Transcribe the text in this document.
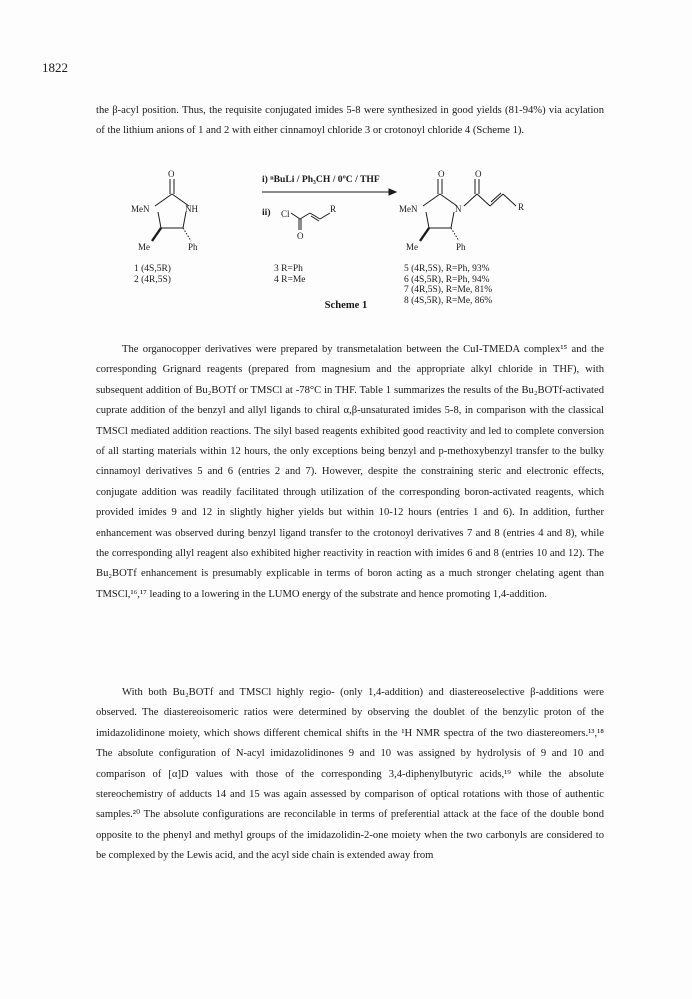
1822

the β-acyl position. Thus, the requisite conjugated imides 5-8 were synthesized in good yields (81-94%) via acylation of the lithium anions of 1 and 2 with either cinnamoyl chloride 3 or crotonoyl chloride 4 (Scheme 1).

O
MeN	NH
Me	Ph
Cl
O
R
ii)
O	O
MeN	N
Me	Ph
R
i) ⁿBuLi / Ph₃CH / 0ºC / THF
1 (4S,5R)
2 (4R,5S)
3 R=Ph
4 R=Me
5 (4R,5S), R=Ph, 93%
6 (4S,5R), R=Ph, 94%
7 (4R,5S), R=Me, 81%
8 (4S,5R), R=Me, 86%
Scheme 1

The organocopper derivatives were prepared by transmetalation between the CuI-TMEDA complex¹⁵ and the corresponding Grignard reagents (prepared from magnesium and the appropriate alkyl chloride in THF), with subsequent addition of Bu₂BOTf or TMSCl at -78°C in THF. Table 1 summarizes the results of the Bu₂BOTf-activated cuprate addition of the benzyl and allyl ligands to chiral α,β-unsaturated imides 5-8, in comparison with the classical TMSCl mediated addition reactions. The silyl based reagents exhibited good reactivity and led to complete conversion of all starting materials within 12 hours, the only exceptions being benzyl and p-methoxybenzyl transfer to the bulky cinnamoyl derivatives 5 and 6 (entries 2 and 7). However, despite the constraining steric and electronic effects, conjugate addition was readily facilitated through utilization of the corresponding boron-activated reagents, which provided imides 9 and 12 in slightly higher yields but within 10-12 hours (entries 1 and 6). In addition, further enhancement was observed during benzyl ligand transfer to the crotonoyl derivatives 7 and 8 (entries 4 and 8), while the corresponding allyl reagent also exhibited higher reactivity in reaction with imides 6 and 8 (entries 10 and 12). The Bu₂BOTf enhancement is presumably explicable in terms of boron acting as a much stronger chelating agent than TMSCl,¹⁶,¹⁷ leading to a lowering in the LUMO energy of the substrate and hence promoting 1,4-addition.

With both Bu₂BOTf and TMSCl highly regio- (only 1,4-addition) and diastereoselective β-additions were observed. The diastereoisomeric ratios were determined by observing the doublet of the benzylic proton of the imidazolidinone moiety, which shows different chemical shifts in the ¹H NMR spectra of the two diastereomers.¹³,¹⁸ The absolute configuration of N-acyl imidazolidinones 9 and 10 was assigned by hydrolysis of 9 and 10 and comparison of [α]D values with those of the corresponding 3,4-diphenylbutyric acids,¹⁹ while the absolute stereochemistry of adducts 14 and 15 was again assessed by comparison of optical rotations with those of authentic samples.²⁰ The absolute configurations are reconcilable in terms of preferential attack at the face of the double bond opposite to the phenyl and methyl groups of the imidazolidin-2-one moiety when the two carbonyls are considered to be complexed by the Lewis acid, and the acyl side chain is extended away from
